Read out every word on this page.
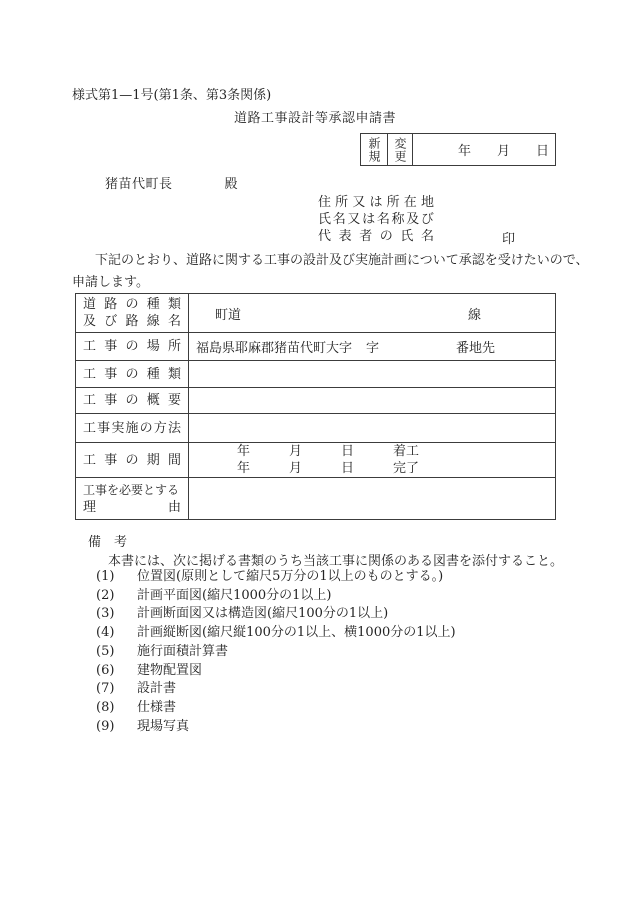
様式第1—1号(第1条、第3条関係)
道路工事設計等承認申請書
新規 変更	年　　月　　日
猪苗代町長	殿
住 所 又 は 所 在 地
氏 名 又 は 名 称 及 び
代 表 者 の 氏 名	印
下記のとおり、道路に関する工事の設計及び実施計画について承認を受けたいので、
申請します。
道 路 の 種 類
及 び 路 線 名	町道	線
工 事 の 場 所 福島県耶麻郡猪苗代町大字 字	番地先
工 事 の 種 類
工 事 の 概 要
工 事 実 施 の 方 法
工 事 の 期 間
年　　　月　　　日　　　着工
年　　　月　　　日　　　完了
工事を必要とする
理	由
備　考
本書には、次に掲げる書類のうち当該工事に関係のある図書を添付すること。
(1)	位置図(原則として縮尺5万分の1以上のものとする。)
(2)	計画平面図(縮尺1000分の1以上)
(3)	計画断面図又は構造図(縮尺100分の1以上)
(4)	計画縦断図(縮尺縦100分の1以上、横1000分の1以上)
(5)	施行面積計算書
(6)	建物配置図
(7)	設計書
(8)	仕様書
(9)	現場写真
